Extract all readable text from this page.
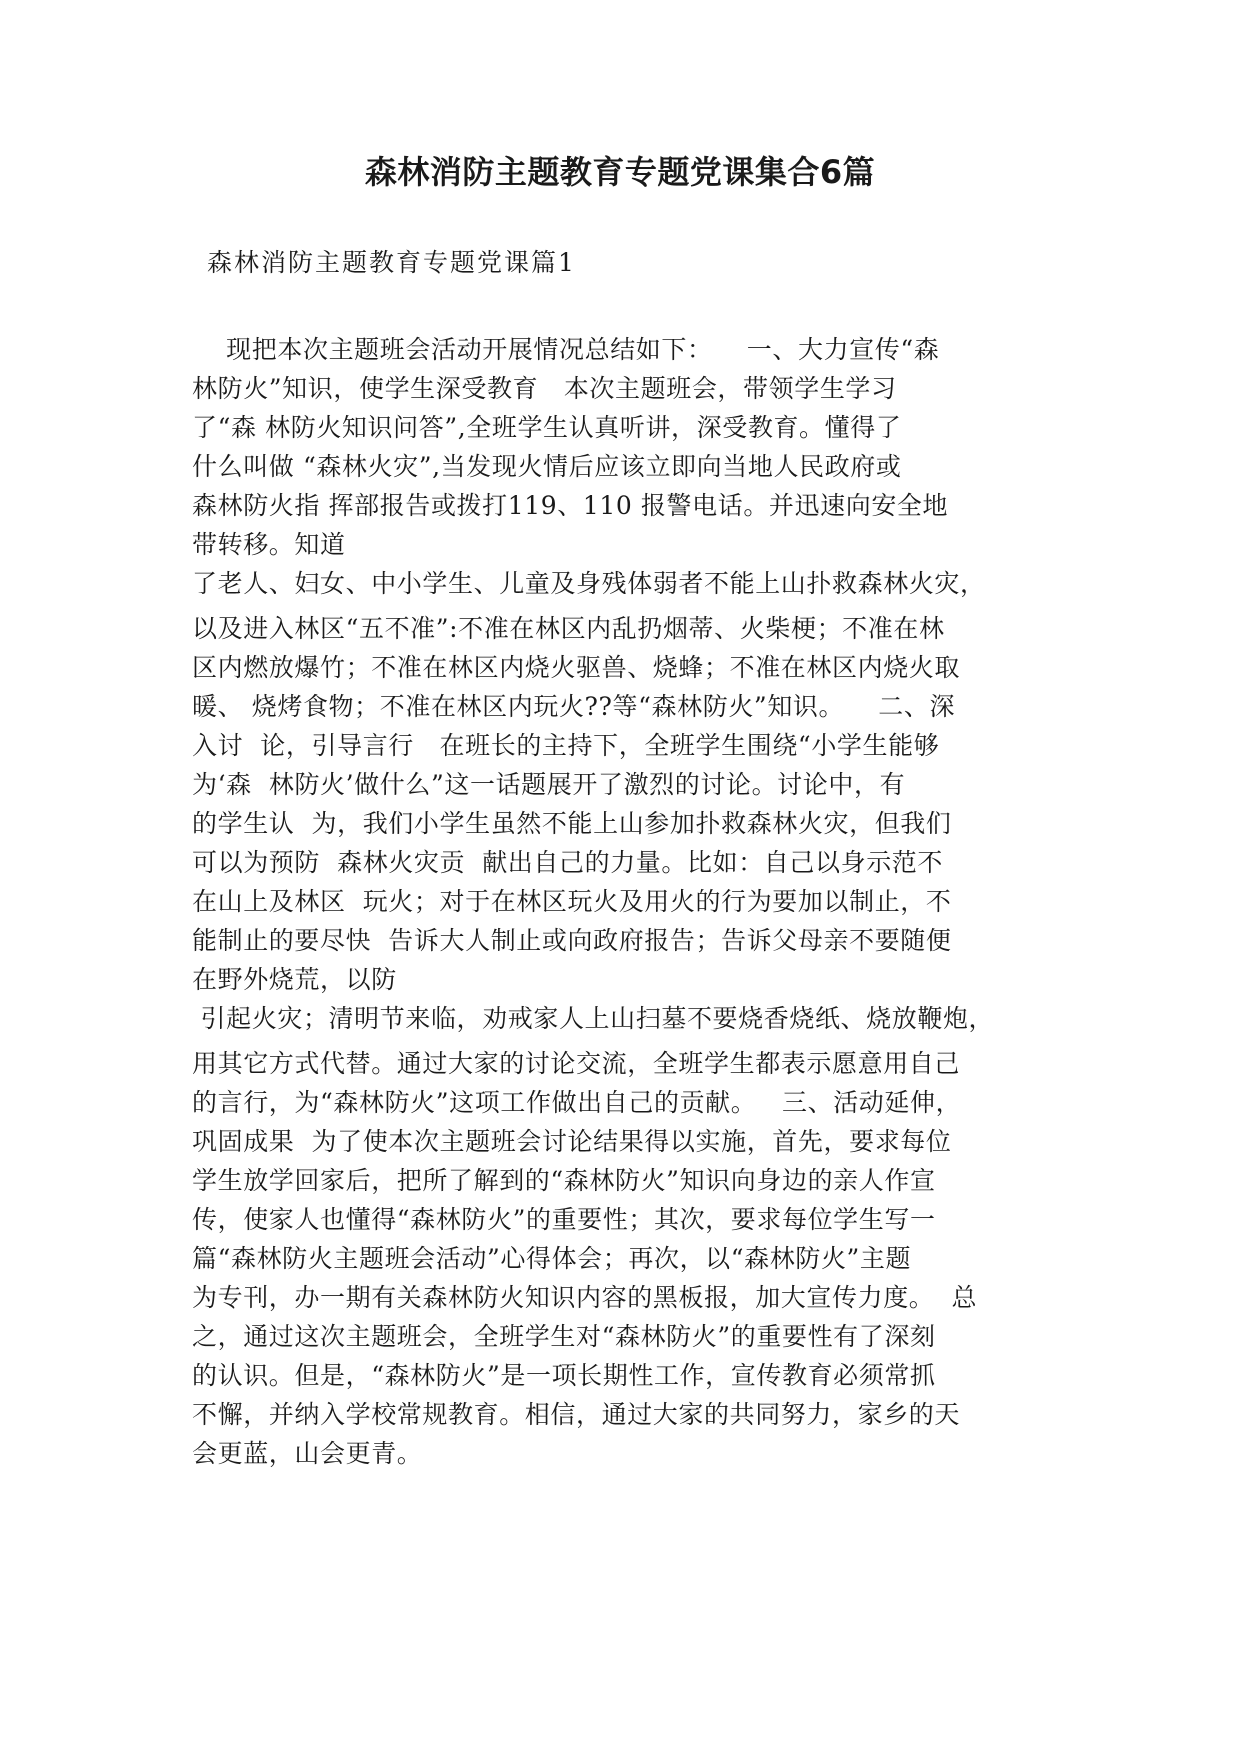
森林消防主题教育专题党课集合6篇
森林消防主题教育专题党课篇1
现把本次主题班会活动开展情况总结如下：    一、大力宣传“森
林防火”知识，使学生深受教育   本次主题班会，带领学生学习
了“森 林防火知识问答”,全班学生认真听讲，深受教育。懂得了
什么叫做 “森林火灾”,当发现火情后应该立即向当地人民政府或
森林防火指 挥部报告或拨打119、110 报警电话。并迅速向安全地
带转移。知道
了老人、妇女、中小学生、儿童及身残体弱者不能上山扑救森林火灾，
以及进入林区“五不准”:不准在林区内乱扔烟蒂、火柴梗；不准在林
区内燃放爆竹；不准在林区内烧火驱兽、烧蜂；不准在林区内烧火取
暖、 烧烤食物；不准在林区内玩火??等“森林防火”知识。    二、深
入讨  论，引导言行   在班长的主持下，全班学生围绕“小学生能够
为‘森  林防火’做什么”这一话题展开了激烈的讨论。讨论中，有
的学生认  为，我们小学生虽然不能上山参加扑救森林火灾，但我们
可以为预防  森林火灾贡  献出自己的力量。比如：自己以身示范不
在山上及林区  玩火；对于在林区玩火及用火的行为要加以制止，不
能制止的要尽快  告诉大人制止或向政府报告；告诉父母亲不要随便
在野外烧荒，以防
引起火灾；清明节来临，劝戒家人上山扫墓不要烧香烧纸、烧放鞭炮，
用其它方式代替。通过大家的讨论交流，全班学生都表示愿意用自己
的言行，为“森林防火”这项工作做出自己的贡献。   三、活动延伸，
巩固成果  为了使本次主题班会讨论结果得以实施，首先，要求每位
学生放学回家后，把所了解到的“森林防火”知识向身边的亲人作宣
传，使家人也懂得“森林防火”的重要性；其次，要求每位学生写一
篇“森林防火主题班会活动”心得体会；再次，以“森林防火”主题
为专刊，办一期有关森林防火知识内容的黑板报，加大宣传力度。  总
之，通过这次主题班会，全班学生对“森林防火”的重要性有了深刻
的认识。但是，“森林防火”是一项长期性工作，宣传教育必须常抓
不懈，并纳入学校常规教育。相信，通过大家的共同努力，家乡的天
会更蓝，山会更青。
